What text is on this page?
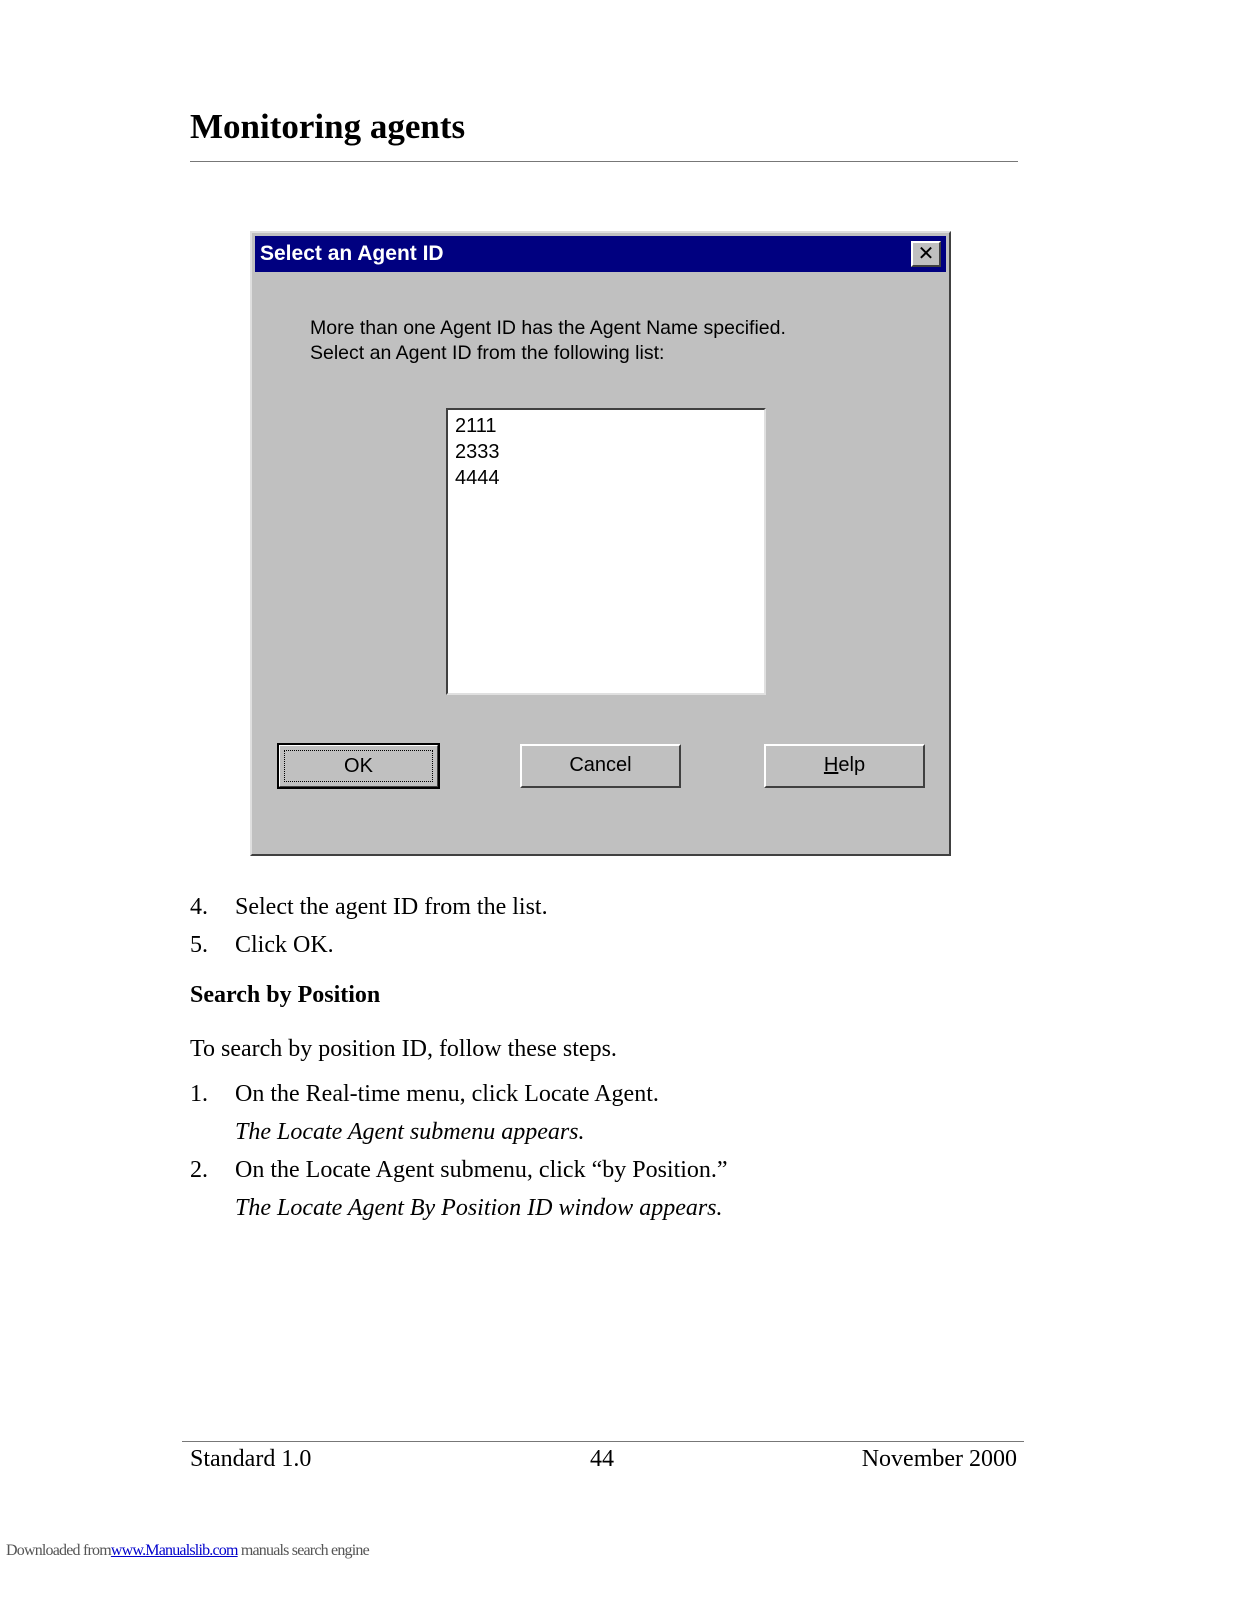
Monitoring agents
Select an Agent ID	✕
More than one Agent ID has the Agent Name specified.
Select an Agent ID from the following list:
2111
2333
4444
OK	Cancel	Help
4. Select the agent ID from the list.
5. Click OK.
Search by Position
To search by position ID, follow these steps.
1. On the Real-time menu, click Locate Agent.
The Locate Agent submenu appears.
2. On the Locate Agent submenu, click “by Position.”
The Locate Agent By Position ID window appears.
Standard 1.0	44	November 2000
Downloaded fromwww.Manualslib.com manuals search engine
